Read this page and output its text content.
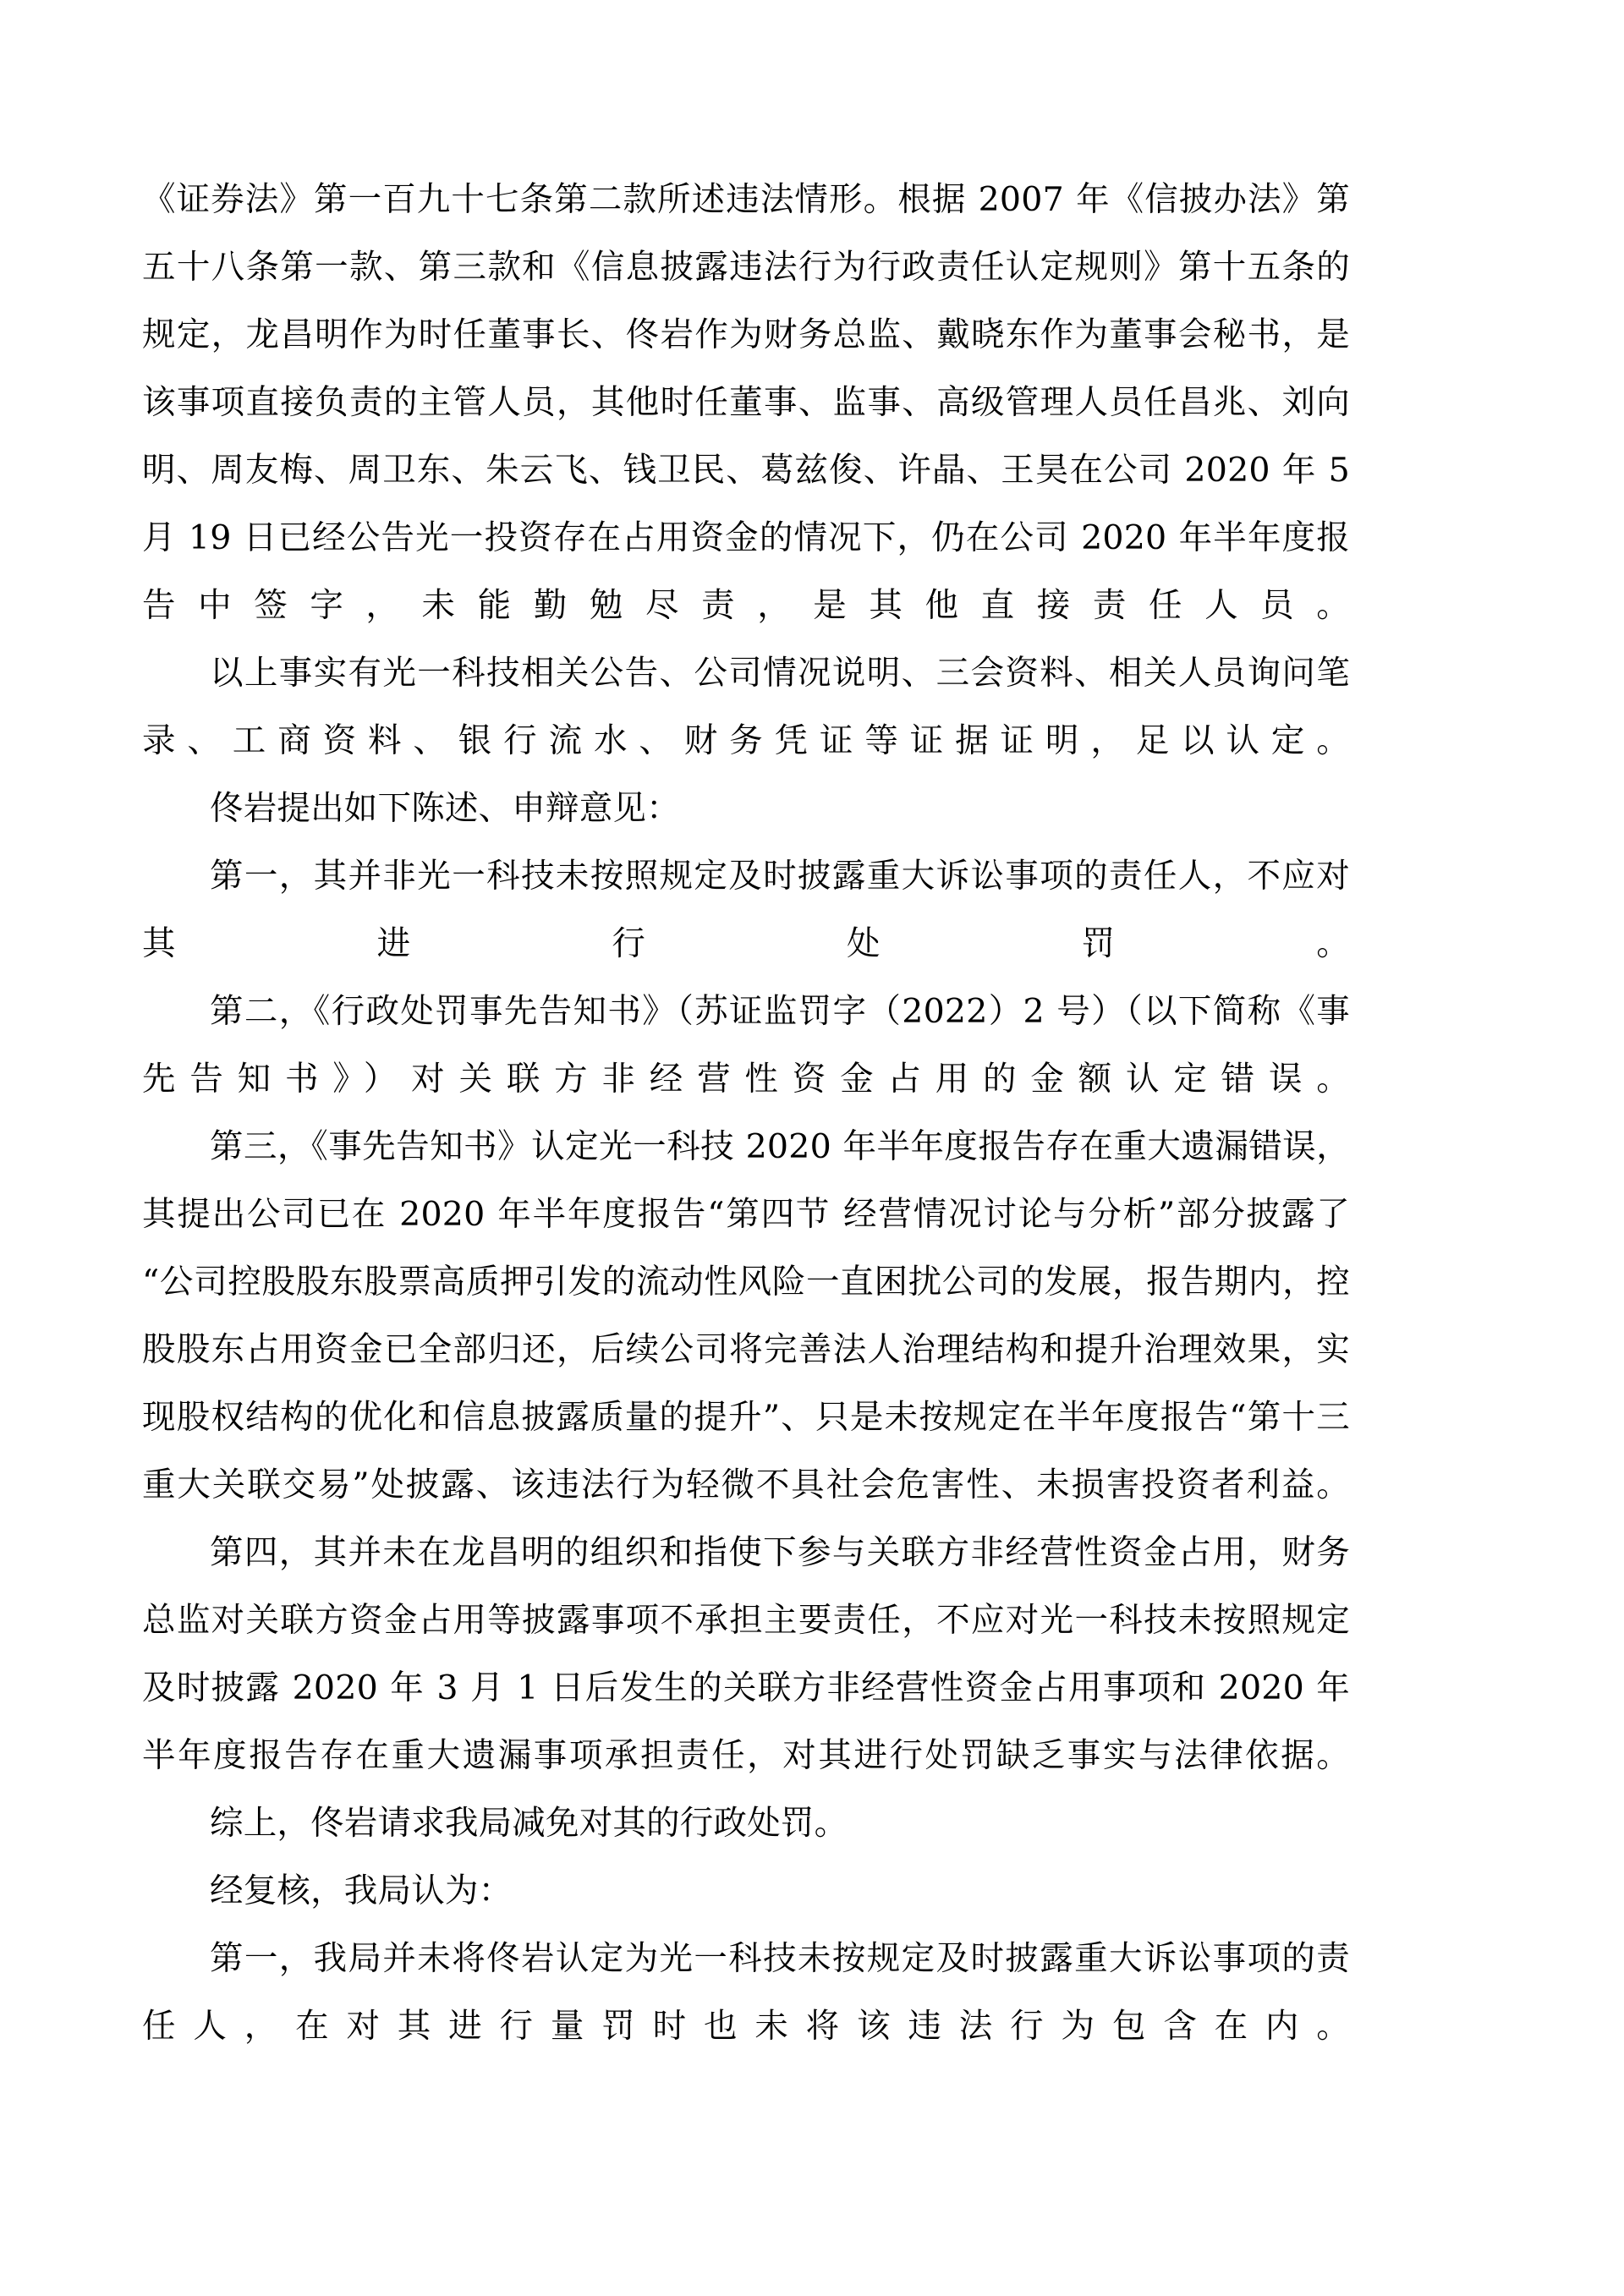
《证券法》第一百九十七条第二款所述违法情形。根据 2007 年《信披办法》第五十八条第一款、第三款和《信息披露违法行为行政责任认定规则》第十五条的规定，龙昌明作为时任董事长、佟岩作为财务总监、戴晓东作为董事会秘书，是该事项直接负责的主管人员，其他时任董事、监事、高级管理人员任昌兆、刘向明、周友梅、周卫东、朱云飞、钱卫民、葛兹俊、许晶、王昊在公司 2020 年 5 月 19 日已经公告光一投资存在占用资金的情况下，仍在公司 2020 年半年度报告中签字，未能勤勉尽责，是其他直接责任人员。

以上事实有光一科技相关公告、公司情况说明、三会资料、相关人员询问笔录、工商资料、银行流水、财务凭证等证据证明，足以认定。

佟岩提出如下陈述、申辩意见：

第一，其并非光一科技未按照规定及时披露重大诉讼事项的责任人，不应对其进行处罚。

第二，《行政处罚事先告知书》（苏证监罚字（2022）2 号）（以下简称《事先告知书》）对关联方非经营性资金占用的金额认定错误。

第三，《事先告知书》认定光一科技 2020 年半年度报告存在重大遗漏错误，其提出公司已在 2020 年半年度报告“第四节 经营情况讨论与分析”部分披露了“公司控股股东股票高质押引发的流动性风险一直困扰公司的发展，报告期内，控股股东占用资金已全部归还，后续公司将完善法人治理结构和提升治理效果，实现股权结构的优化和信息披露质量的提升”、只是未按规定在半年度报告“第十三 重大关联交易”处披露、该违法行为轻微不具社会危害性、未损害投资者利益。

第四，其并未在龙昌明的组织和指使下参与关联方非经营性资金占用，财务总监对关联方资金占用等披露事项不承担主要责任，不应对光一科技未按照规定及时披露 2020 年 3 月 1 日后发生的关联方非经营性资金占用事项和 2020 年半年度报告存在重大遗漏事项承担责任，对其进行处罚缺乏事实与法律依据。

综上，佟岩请求我局减免对其的行政处罚。

经复核，我局认为：

第一，我局并未将佟岩认定为光一科技未按规定及时披露重大诉讼事项的责任人，在对其进行量罚时也未将该违法行为包含在内。
